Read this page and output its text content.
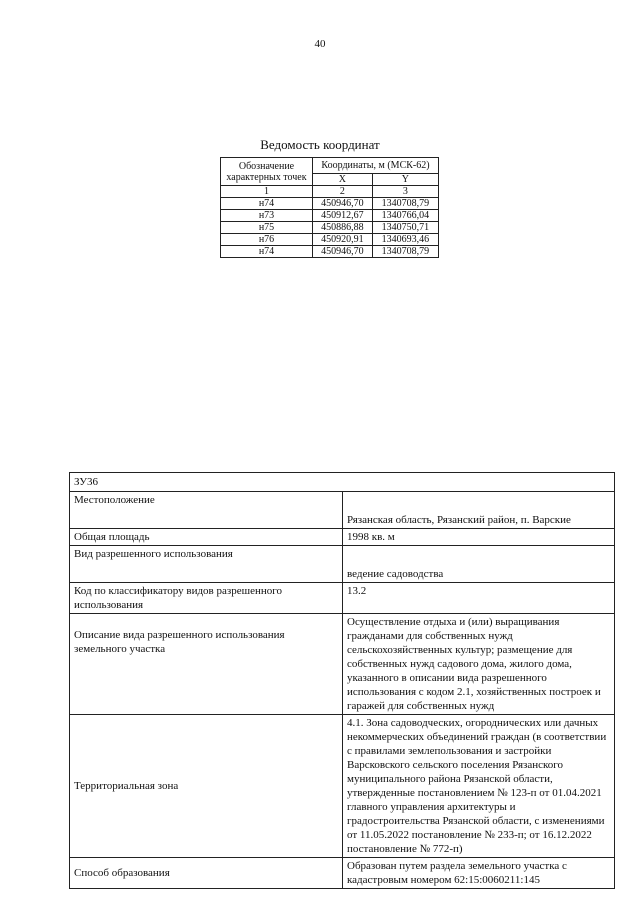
40
Ведомость координат
Обозначение характерных точек	Координаты, м (МСК-62)	
	X	Y
1	2	3
н74	450946,70	1340708,79
н73	450912,67	1340766,04
н75	450886,88	1340750,71
н76	450920,91	1340693,46
н74	450946,70	1340708,79
ЗУ36	
Местоположение	Рязанская область, Рязанский район, п. Варские
Общая площадь	1998 кв. м
Вид разрешенного использования	ведение садоводства
Код по классификатору видов разрешенного использования	13.2
Описание вида разрешенного использования земельного участка	Осуществление отдыха и (или) выращивания гражданами для собственных нужд сельскохозяйственных культур; размещение для собственных нужд садового дома, жилого дома, указанного в описании вида разрешенного использования с кодом 2.1, хозяйственных построек и гаражей для собственных нужд
Территориальная зона	4.1. Зона садоводческих, огороднических или дачных некоммерческих объединений граждан (в соответствии с правилами землепользования и застройки Варсковского сельского поселения Рязанского муниципального района Рязанской области, утвержденные постановлением № 123-п от 01.04.2021 главного управления архитектуры и градостроительства Рязанской области, с изменениями от 11.05.2022 постановление № 233-п; от 16.12.2022 постановление № 772-п)
Способ образования	Образован путем раздела земельного участка с кадастровым номером 62:15:0060211:145
